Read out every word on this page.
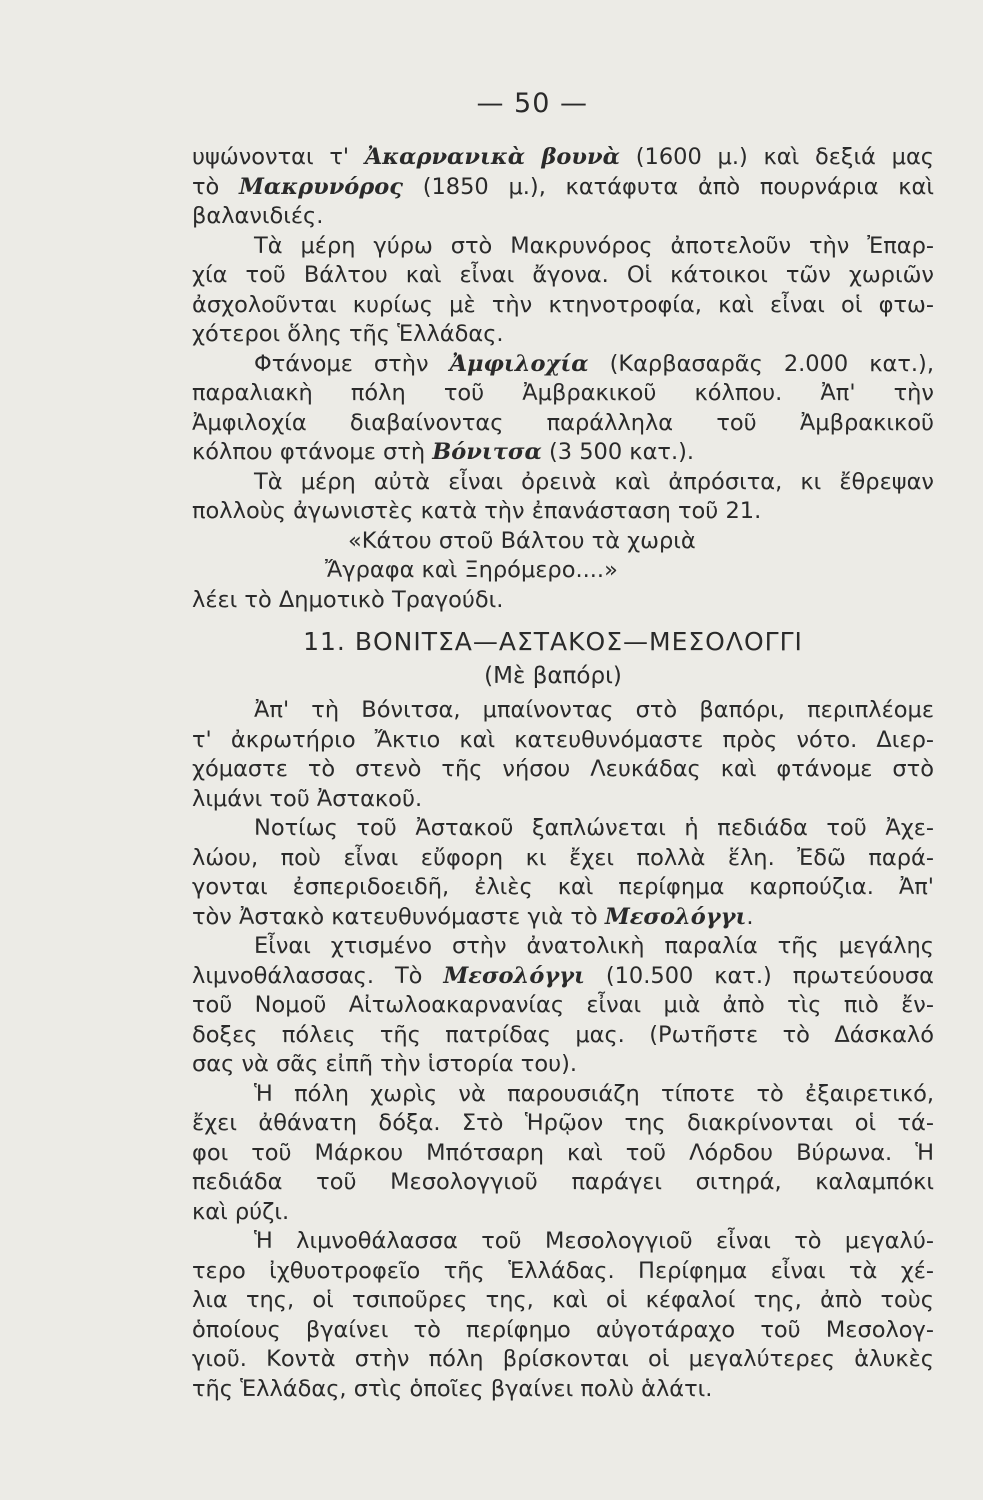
— 50 —
υψώνονται τ' Ἀκαρνανικὰ βουνὰ (1600 μ.) καὶ δεξιά μας
τὸ Μακρυνόρος (1850 μ.), κατάφυτα ἀπὸ πουρνάρια καὶ
βαλανιδιές.
Τὰ μέρη γύρω στὸ Μακρυνόρος ἀποτελοῦν τὴν Ἐπαρ-
χία τοῦ Βάλτου καὶ εἶναι ἄγονα. Οἱ κάτοικοι τῶν χωριῶν
ἀσχολοῦνται κυρίως μὲ τὴν κτηνοτροφία, καὶ εἶναι οἱ φτω-
χότεροι ὅλης τῆς Ἑλλάδας.
Φτάνομε στὴν Ἀμφιλοχία (Καρβασαρᾶς 2.000 κατ.),
παραλιακὴ πόλη τοῦ Ἀμβρακικοῦ κόλπου. Ἀπ' τὴν
Ἀμφιλοχία διαβαίνοντας παράλληλα τοῦ Ἀμβρακικοῦ
κόλπου φτάνομε στὴ Βόνιτσα (3 500 κατ.).
Τὰ μέρη αὐτὰ εἶναι ὀρεινὰ καὶ ἀπρόσιτα, κι ἔθρεψαν
πολλοὺς ἀγωνιστὲς κατὰ τὴν ἐπανάσταση τοῦ 21.
«Κάτου στοῦ Βάλτου τὰ χωριὰ
Ἄγραφα καὶ Ξηρόμερο....»
λέει τὸ Δημοτικὸ Τραγούδι.
11. ΒΟΝΙΤΣΑ—ΑΣΤΑΚΟΣ—ΜΕΣΟΛΟΓΓΙ
(Μὲ βαπόρι)
Ἀπ' τὴ Βόνιτσα, μπαίνοντας στὸ βαπόρι, περιπλέομε
τ' ἀκρωτήριο Ἄκτιο καὶ κατευθυνόμαστε πρὸς νότο. Διερ-
χόμαστε τὸ στενὸ τῆς νήσου Λευκάδας καὶ φτάνομε στὸ
λιμάνι τοῦ Ἀστακοῦ.
Νοτίως τοῦ Ἀστακοῦ ξαπλώνεται ἡ πεδιάδα τοῦ Ἀχε-
λώου, ποὺ εἶναι εὔφορη κι ἔχει πολλὰ ἕλη. Ἐδῶ παρά-
γονται ἐσπεριδοειδῆ, ἐλιὲς καὶ περίφημα καρπούζια. Ἀπ'
τὸν Ἀστακὸ κατευθυνόμαστε γιὰ τὸ Μεσολόγγι.
Εἶναι χτισμένο στὴν ἀνατολικὴ παραλία τῆς μεγάλης
λιμνοθάλασσας. Τὸ Μεσολόγγι (10.500 κατ.) πρωτεύουσα
τοῦ Νομοῦ Αἰτωλοακαρνανίας εἶναι μιὰ ἀπὸ τὶς πιὸ ἔν-
δοξες πόλεις τῆς πατρίδας μας. (Ρωτῆστε τὸ Δάσκαλό
σας νὰ σᾶς εἰπῆ τὴν ἱστορία του).
Ἡ πόλη χωρὶς νὰ παρουσιάζη τίποτε τὸ ἐξαιρετικό,
ἔχει ἀθάνατη δόξα. Στὸ Ἡρῷον της διακρίνονται οἱ τά-
φοι τοῦ Μάρκου Μπότσαρη καὶ τοῦ Λόρδου Βύρωνα. Ἡ
πεδιάδα τοῦ Μεσολογγιοῦ παράγει σιτηρά, καλαμπόκι
καὶ ρύζι.
Ἡ λιμνοθάλασσα τοῦ Μεσολογγιοῦ εἶναι τὸ μεγαλύ-
τερο ἰχθυοτροφεῖο τῆς Ἑλλάδας. Περίφημα εἶναι τὰ χέ-
λια της, οἱ τσιποῦρες της, καὶ οἱ κέφαλοί της, ἀπὸ τοὺς
ὁποίους βγαίνει τὸ περίφημο αὐγοτάραχο τοῦ Μεσολογ-
γιοῦ. Κοντὰ στὴν πόλη βρίσκονται οἱ μεγαλύτερες ἁλυκὲς
τῆς Ἑλλάδας, στὶς ὁποῖες βγαίνει πολὺ ἁλάτι.
